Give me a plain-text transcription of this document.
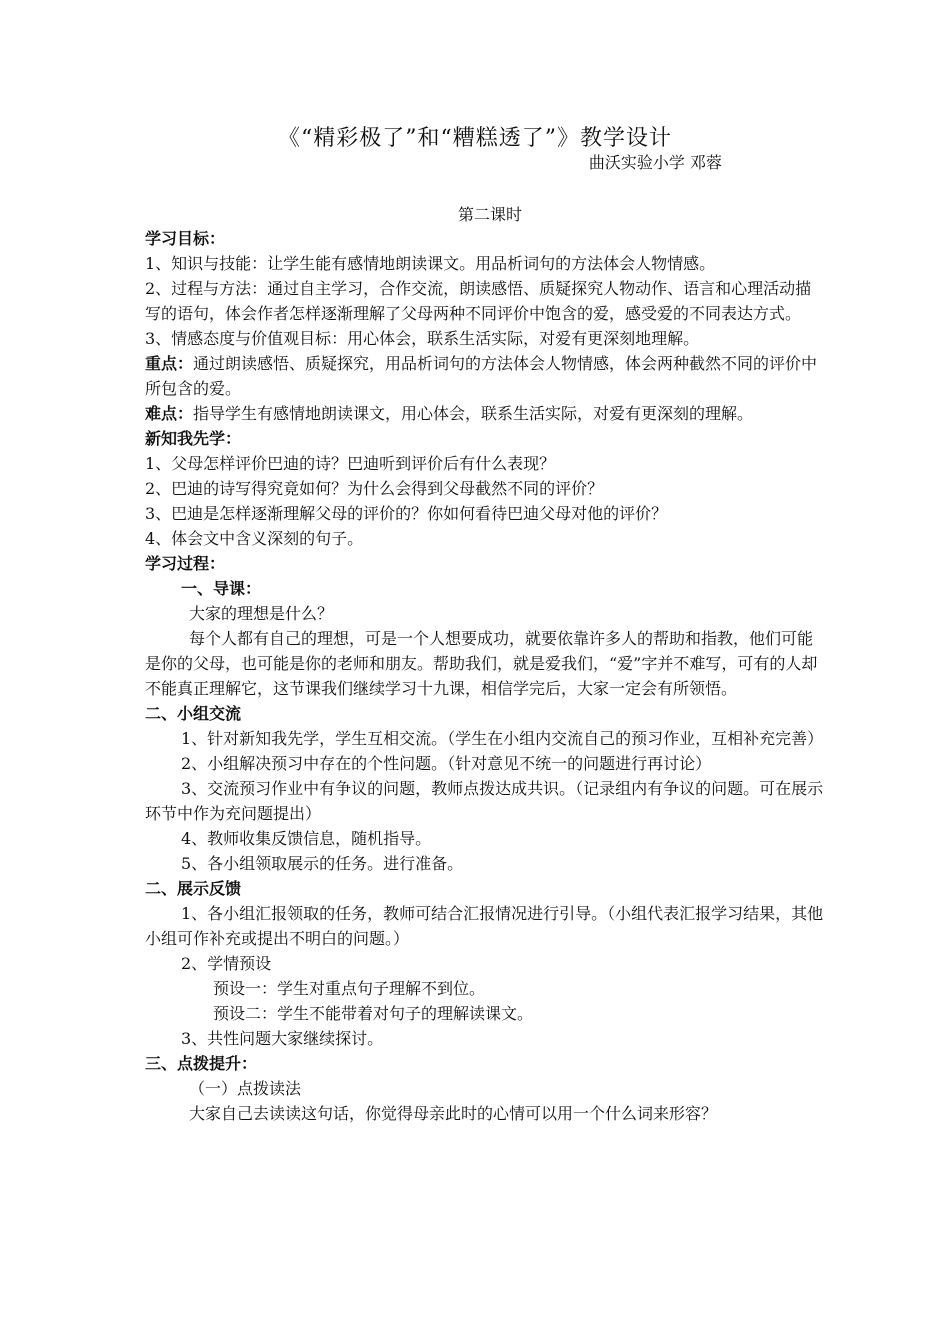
《“精彩极了”和“糟糕透了”》教学设计
曲沃实验小学 邓蓉
第二课时
学习目标：
1、知识与技能：让学生能有感情地朗读课文。用品析词句的方法体会人物情感。
2、过程与方法：通过自主学习，合作交流，朗读感悟、质疑探究人物动作、语言和心理活动描写的语句，体会作者怎样逐渐理解了父母两种不同评价中饱含的爱，感受爱的不同表达方式。
3、情感态度与价值观目标：用心体会，联系生活实际，对爱有更深刻地理解。
重点：通过朗读感悟、质疑探究，用品析词句的方法体会人物情感，体会两种截然不同的评价中所包含的爱。
难点：指导学生有感情地朗读课文，用心体会，联系生活实际，对爱有更深刻的理解。
新知我先学：
1、父母怎样评价巴迪的诗？巴迪听到评价后有什么表现？
2、巴迪的诗写得究竟如何？为什么会得到父母截然不同的评价？
3、巴迪是怎样逐渐理解父母的评价的？你如何看待巴迪父母对他的评价？
4、体会文中含义深刻的句子。
学习过程：
一、导课：
大家的理想是什么？
每个人都有自己的理想，可是一个人想要成功，就要依靠许多人的帮助和指教，他们可能是你的父母，也可能是你的老师和朋友。帮助我们，就是爱我们，“爱”字并不难写，可有的人却不能真正理解它，这节课我们继续学习十九课，相信学完后，大家一定会有所领悟。
二、小组交流
1、针对新知我先学，学生互相交流。（学生在小组内交流自己的预习作业，互相补充完善）
2、小组解决预习中存在的个性问题。（针对意见不统一的问题进行再讨论）
3、交流预习作业中有争议的问题，教师点拨达成共识。（记录组内有争议的问题。可在展示环节中作为充问题提出）
4、教师收集反馈信息，随机指导。
5、各小组领取展示的任务。进行准备。
二、展示反馈
1、各小组汇报领取的任务，教师可结合汇报情况进行引导。（小组代表汇报学习结果，其他小组可作补充或提出不明白的问题。）
2、学情预设
预设一：学生对重点句子理解不到位。
预设二：学生不能带着对句子的理解读课文。
3、共性问题大家继续探讨。
三、点拨提升：
（一）点拨读法
大家自己去读读这句话，你觉得母亲此时的心情可以用一个什么词来形容？
